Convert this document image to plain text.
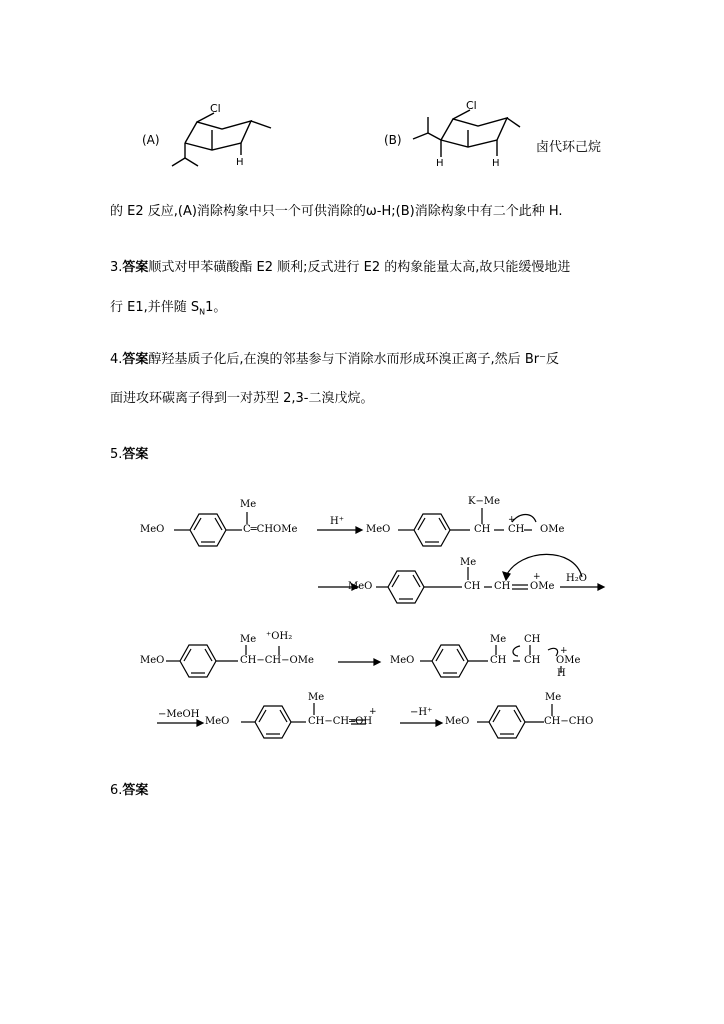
(A)
Cl
H
(B)
Cl
H	H
卤代环己烷
的 E2 反应,(A)消除构象中只一个可供消除的ω-H;(B)消除构象中有二个此种 H.
3.答案顺式对甲苯磺酸酯 E2 顺利;反式进行 E2 的构象能量太高,故只能缓慢地进
行 E1,并伴随 $S_N1$。
4.答案醇羟基质子化后,在溴的邻基参与下消除水而形成环溴正离子,然后 Br⁻反
面进攻环碳离子得到一对苏型 2,3-二溴戊烷。
5.答案
MeO
Me
C═CHOMe
H⁺
MeO
K−Me
CH
+
CH OMe
MeO
Me
CH CH
+
OMe
H₂O
MeO
Me ⁺OH₂
CH−CH−OMe	MeO
Me CH
CH CH
+
OMe
H
−MeOH
MeO
Me
CH−CH═OH
+	−H⁺
MeO
Me
CH−CHO
6.答案
